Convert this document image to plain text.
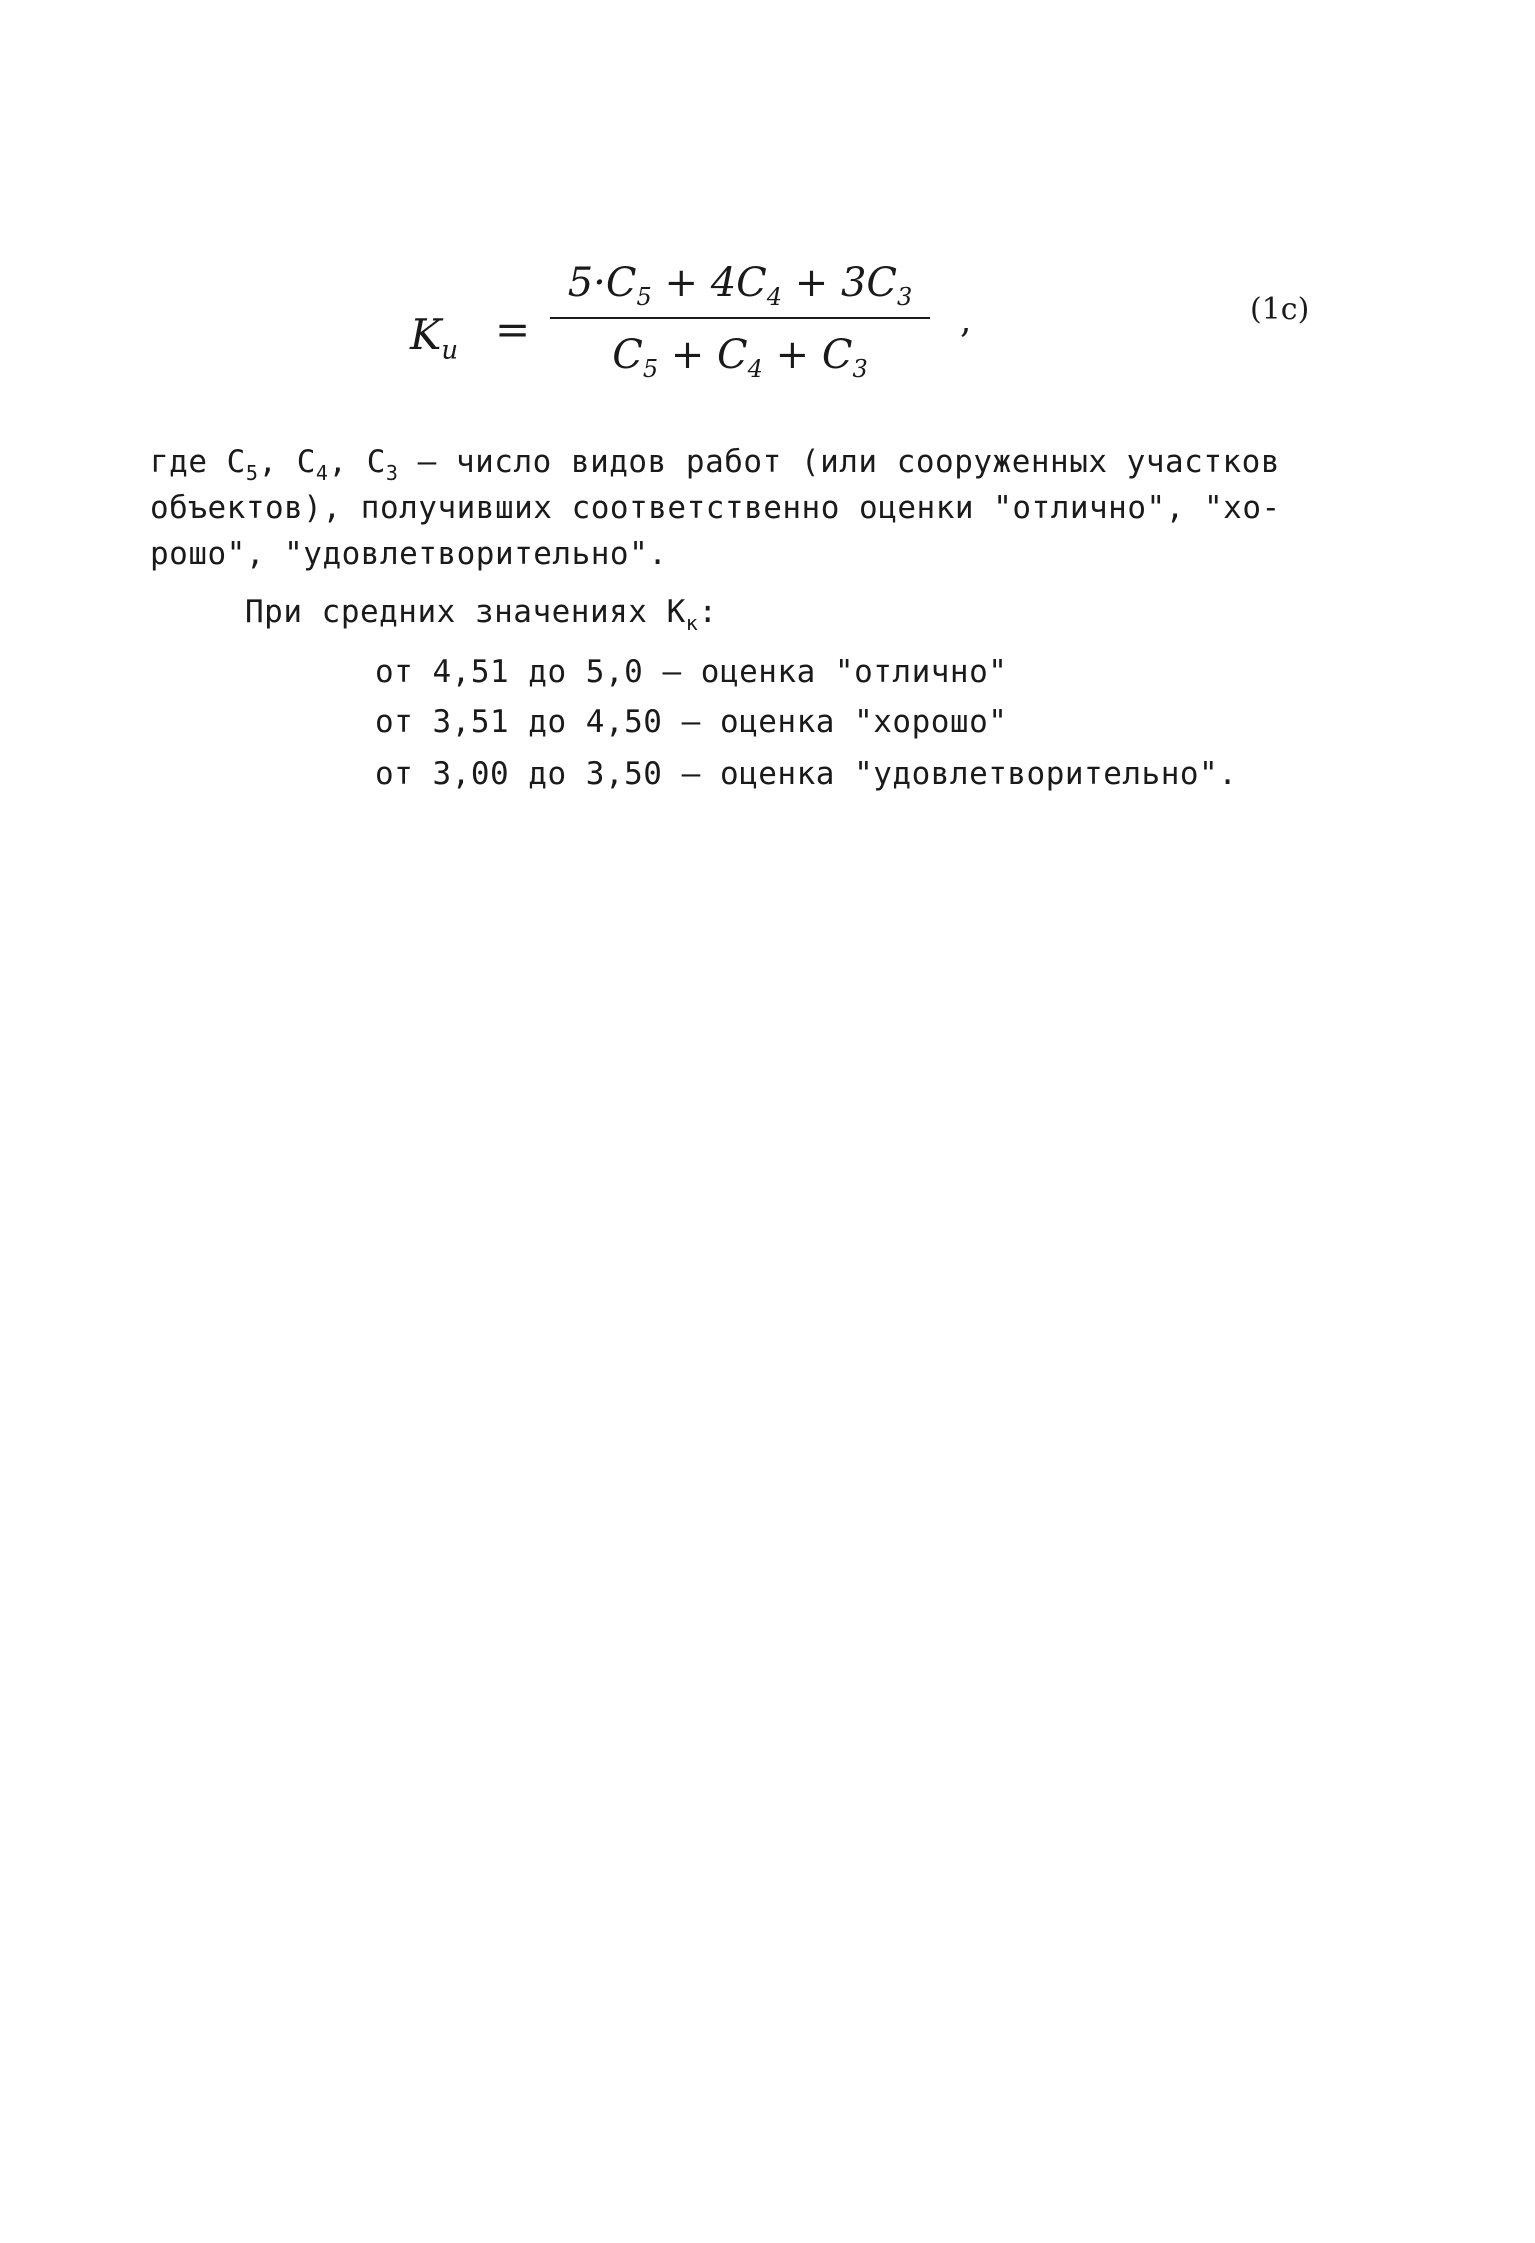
$K_и$ =
$5\cdot C_5 + 4C_4 + 3C_3$
$C_5 + C_4 + C_3$
,	(1с)
где $C_5$, $C_4$, $C_3$ – число видов работ (или сооруженных участков
объектов), получивших соответственно оценки "отлично", "хо-
рошо", "удовлетворительно".
При средних значениях $K_к$:
от 4,51 до 5,0 – оценка "отлично"
от 3,51 до 4,50 – оценка "хорошо"
от 3,00 до 3,50 – оценка "удовлетворительно".
